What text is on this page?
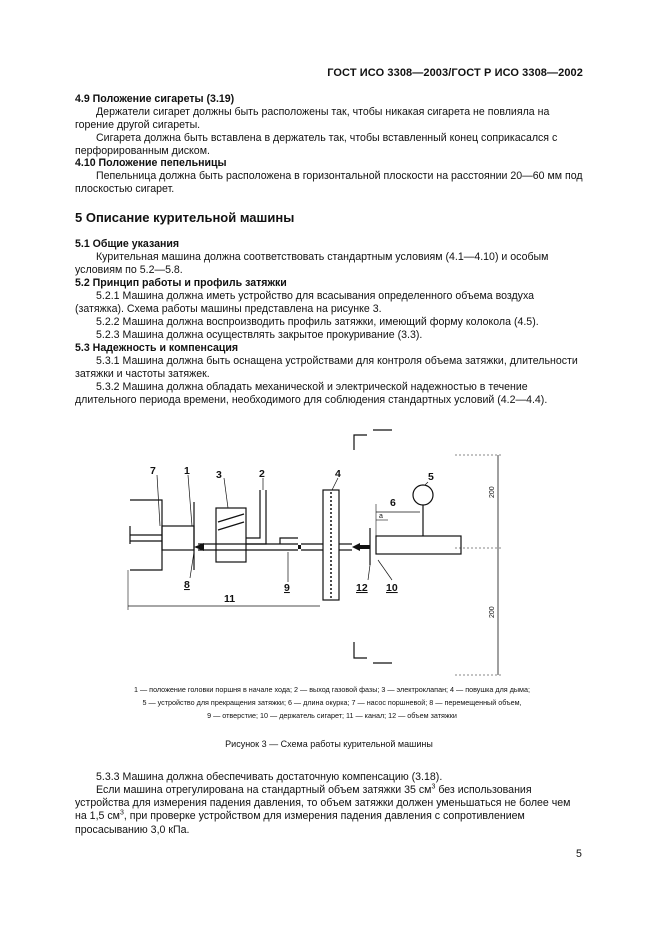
ГОСТ ИСО 3308—2003/ГОСТ Р ИСО 3308—2002

4.9 Положение сигареты (3.19)

Держатели сигарет должны быть расположены так, чтобы никакая сигарета не повлияла на горение другой сигареты.

Сигарета должна быть вставлена в держатель так, чтобы вставленный конец соприкасался с перфорированным диском.

4.10 Положение пепельницы

Пепельница должна быть расположена в горизонтальной плоскости на расстоянии 20—60 мм под плоскостью сигарет.

5 Описание курительной машины

5.1 Общие указания

Курительная машина должна соответствовать стандартным условиям (4.1—4.10) и особым условиям по 5.2—5.8.

5.2 Принцип работы и профиль затяжки

5.2.1 Машина должна иметь устройство для всасывания определенного объема воздуха (затяжка). Схема работы машины представлена на рисунке 3.

5.2.2 Машина должна воспроизводить профиль затяжки, имеющий форму колокола (4.5).

5.2.3 Машина должна осуществлять закрытое прокуривание (3.3).

5.3 Надежность и компенсация

5.3.1 Машина должна быть оснащена устройствами для контроля объема затяжки, длительности затяжки и частоты затяжек.

5.3.2 Машина должна обладать механической и электрической надежностью в течение длительного периода времени, необходимого для соблюдения стандартных условий (4.2—4.4).

7	1 3	2	4	5
6
8	9	12 10
11
a
200
200
1 — положение головки поршня в начале хода; 2 — выход газовой фазы; 3 — электроклапан; 4 — повушка для дыма;
5 — устройство для прекращения затяжки; 6 — длина окурка; 7 — насос поршневой; 8 — перемещенный объем,
9 — отверстие; 10 — держатель сигарет; 11 — канал; 12 — объем затяжки
Рисунок 3 — Схема работы курительной машины

5.3.3 Машина должна обеспечивать достаточную компенсацию (3.18).

Если машина отрегулирована на стандартный объем затяжки 35 $см^3$ без использования устройства для измерения падения давления, то объем затяжки должен уменьшаться не более чем на 1,5 $см^3$, при проверке устройством для измерения падения давления с сопротивлением просасыванию 3,0 кПа.

5
